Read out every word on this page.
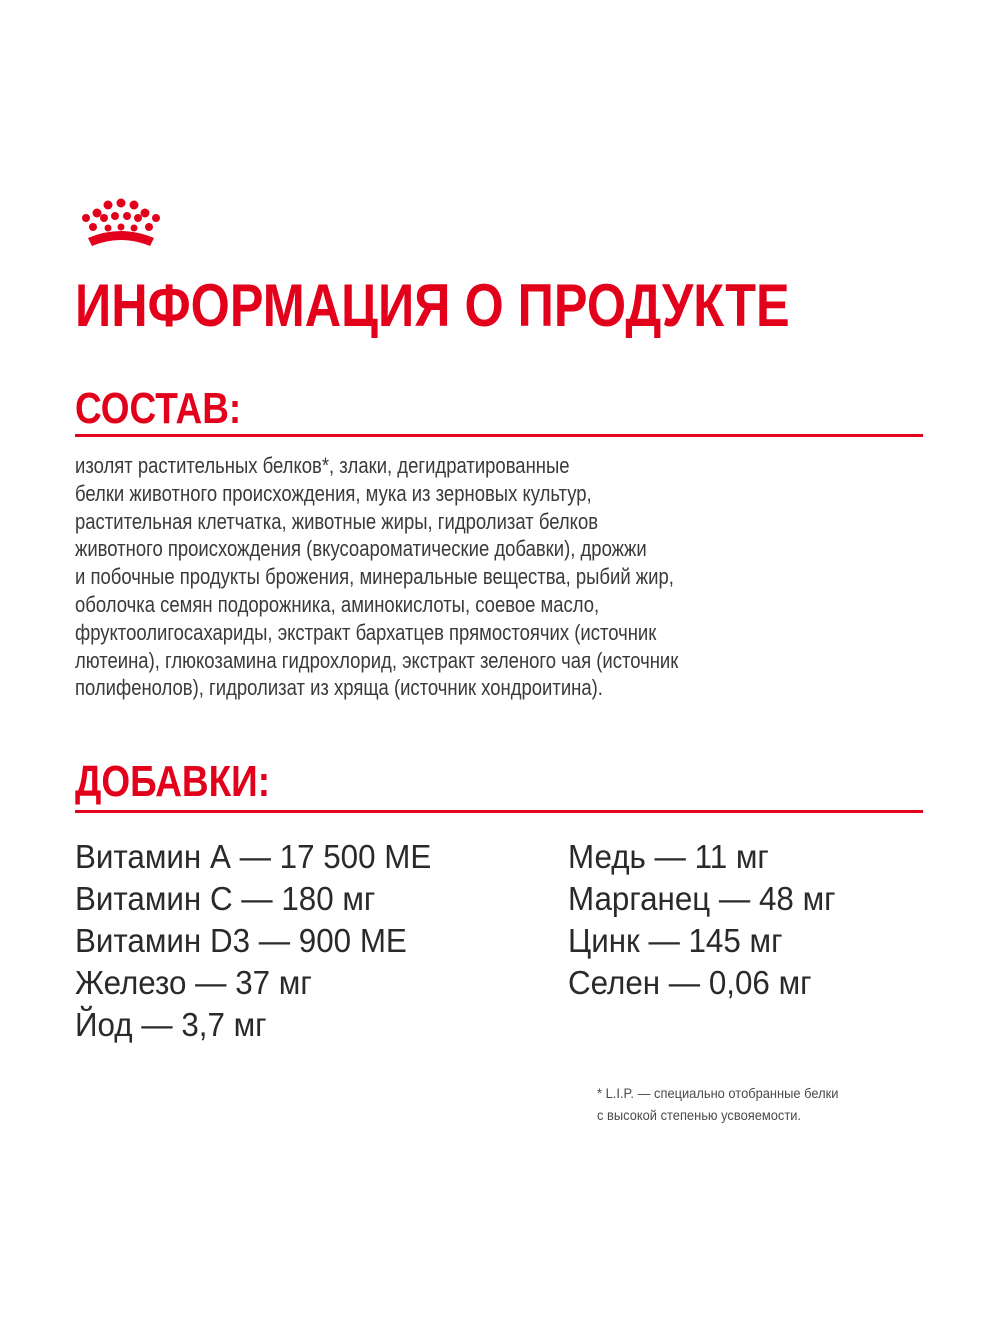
ИНФОРМАЦИЯ О ПРОДУКТЕ
СОСТАВ:

изолят растительных белков*, злаки, дегидратированные
белки животного происхождения, мука из зерновых культур,
растительная клетчатка, животные жиры, гидролизат белков
животного происхождения (вкусоароматические добавки), дрожжи
и побочные продукты брожения, минеральные вещества, рыбий жир,
оболочка семян подорожника, аминокислоты, соевое масло,
фруктоолигосахариды, экстракт бархатцев прямостоячих (источник
лютеина), глюкозамина гидрохлорид, экстракт зеленого чая (источник
полифенолов), гидролизат из хряща (источник хондроитина).

ДОБАВКИ:
Витамин А — 17 500 МЕ
Витамин С — 180 мг
Витамин D3 — 900 МЕ
Железо — 37 мг
Йод — 3,7 мг
Медь — 11 мг
Марганец — 48 мг
Цинк — 145 мг
Селен — 0,06 мг

* L.I.P. — специально отобранные белки
с высокой степенью усвояемости.
